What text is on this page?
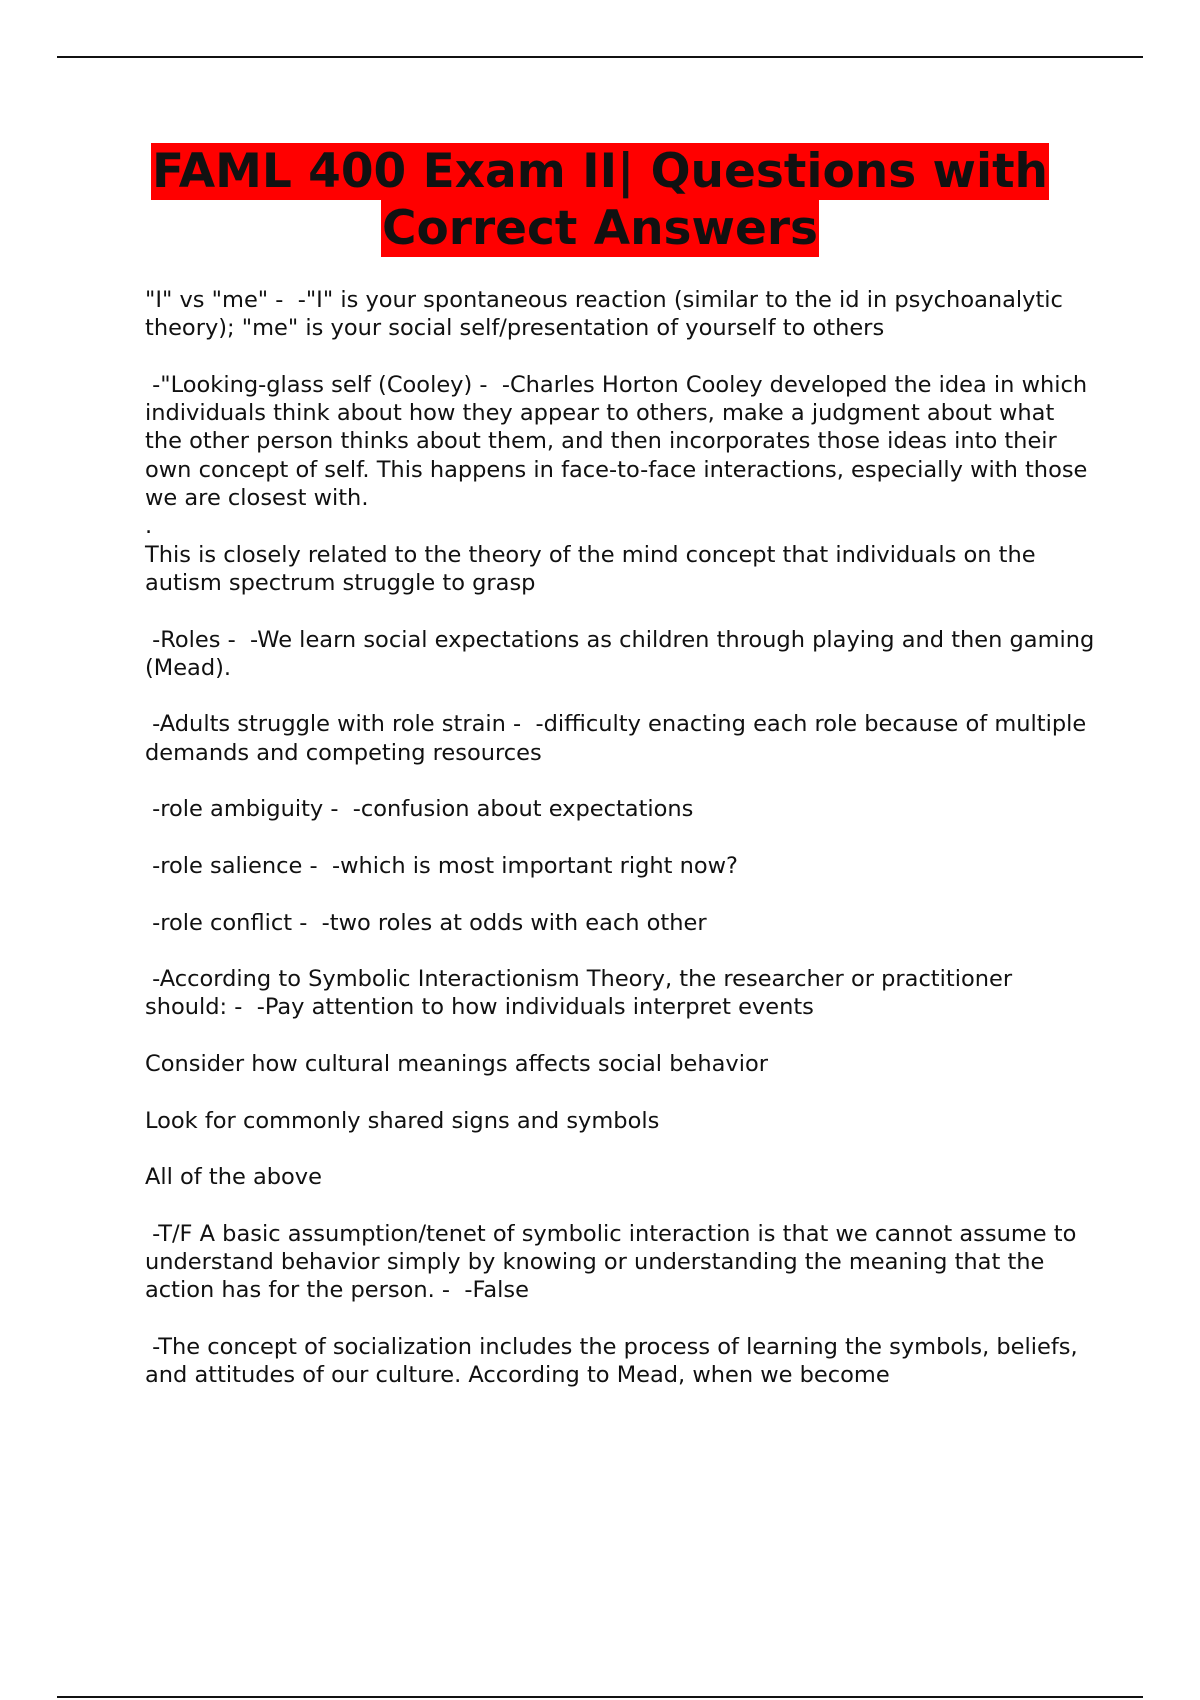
FAML 400 Exam II| Questions with
Correct Answers

"I" vs "me" -  -"I" is your spontaneous reaction (similar to the id in psychoanalytic theory); "me" is your social self/presentation of yourself to others

-"Looking-glass self (Cooley) -  -Charles Horton Cooley developed the idea in which individuals think about how they appear to others, make a judgment about what the other person thinks about them, and then incorporates those ideas into their own concept of self. This happens in face-to-face interactions, especially with those we are closest with.

.

This is closely related to the theory of the mind concept that individuals on the autism spectrum struggle to grasp

-Roles -  -We learn social expectations as children through playing and then gaming (Mead).

-Adults struggle with role strain -  -difficulty enacting each role because of multiple demands and competing resources

-role ambiguity -  -confusion about expectations

-role salience -  -which is most important right now?

-role conflict -  -two roles at odds with each other

-According to Symbolic Interactionism Theory, the researcher or practitioner should: -  -Pay attention to how individuals interpret events

Consider how cultural meanings affects social behavior

Look for commonly shared signs and symbols

All of the above

-T/F A basic assumption/tenet of symbolic interaction is that we cannot assume to understand behavior simply by knowing or understanding the meaning that the action has for the person. -  -False

-The concept of socialization includes the process of learning the symbols, beliefs, and attitudes of our culture. According to Mead, when we become
